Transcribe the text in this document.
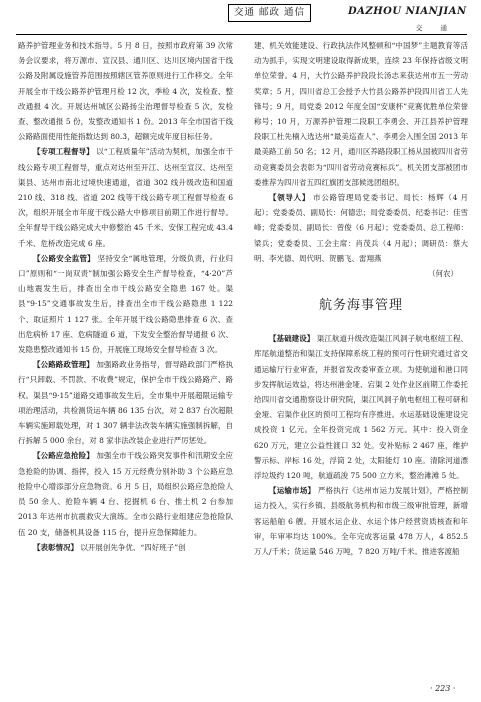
交通 邮政 通信	DAZHOU NIANJIAN
交 通

路养护管理业务和技术指导。5 月 8 日，按照市政府第 39 次常务会议要求，将万源市、宣汉县、通川区、达川区境内国省干线公路及附属设施管养范围按照辖区管养原则进行工作移交。全年开展全市干线公路养护管理月检 12 次，季检 4 次，发检查、整改通报 4 次。开展达州城区公路扬尘治理督导检查 5 次，发检查、整改通报 5 份，发整改通知书 1 份。2013 年全市国省干线公路路面使用性能指数达到 80.3，超额完成年度目标任务。

【专项工程督导】 以“工程质量年”活动为契机，加强全市干线公路专项工程督导，重点对达州至开江、达州至宣汉、达州至渠县、达州市南北过境快速通道，省道 302 线升级改造和国道 210 线、318 线、省道 202 线等干线公路专项工程督导检查 6 次，组织开展全市年度干线公路大中修项目前期工作进行督导。全年督导干线公路完成大中修整治 45 千米、安保工程完成 43.4 千米、危桥改造完成 6 座。

【公路安全监管】 坚持安全“属地管理，分级负责，行业归口”原则和“一岗双责”制加强公路安全生产督导检查，“4·20”芦山地震发生后，排查出全市干线公路安全隐患 167 处。渠县“9·15”交通事故发生后，排查出全市干线公路隐患 1 122 个、取证照片 1 127 张。全年开展干线公路隐患排查 6 次、查出危病桥 17 座、危病隧道 6 道，下发安全整治督导通报 6 次、发隐患整改通知书 15 份，开展施工现场安全督导检查 3 次。

【公路路政管理】 加强路政业务指导，督导路政部门严格执行“只卸载、不罚款、不收费”规定，保护全市干线公路路产、路权。渠县“9·15”道路交通事故发生后，全市集中开展超限运输专项治理活动，共检测货运车辆 86 135 台次，对 2 837 台次超限车辆实施卸载处理，对 1 307 辆非法改装车辆实施强制拆解，自行拆解 5 000 余台，对 8 家非法改装企业进行严厉惩处。

【公路应急抢险】 加强全市干线公路突发事件和汛期安全应急抢险的协调、指挥，投入 15 万元经费分别补助 3 个公路应急抢险中心增添部分应急物资。6 月 5 日，局组织公路应急抢险人员 50 余人、抢险车辆 4 台、挖掘机 6 台、推土机 2 台参加 2013 年达州市抗震救灾大演练。全市公路行业组建应急抢险队伍 20 支，储备机具设备 115 台，提升应急保障能力。

【表彰情况】 以开展创先争优、“四好班子”创

建、机关效能建设、行政执法作风整顿和“中国梦”主题教育等活动为抓手，实现文明建设取得新成果，连续 23 年保持省级文明单位荣誉。4 月，大竹公路养护段段长汤志来获达州市五一劳动奖章；5 月，四川省总工会授予大竹县公路养护段四川省工人先锋号；9 月，局党委 2012 年度全国“安康杯”竞赛优胜单位荣誉称号；10 月，万源养护管理二段职工李勇会、开江县养护管理段职工杜先楠入选达州“最美巡查人”、李勇会入围全国 2013 年最美路工前 50 名；12 月，通川区养路段职工杨从国被四川省劳动竞赛委员会表彰为“四川省劳动竞赛标兵”。机关团支部被团市委推荐为四川省五四红旗团支部候选团组织。

【领导人】 市公路管理局党委书记、局长：杨辉（4 月起）；党委委员、副局长：何德忠；局党委委员、纪委书记：佳雪峰；党委委员、副局长：曾俊（6 月起）；党委委员、总工程师：梁兵；党委委员、工会主席：肖茂兵（4 月起）；调研员：蔡大明、李光德、周代明、贺鹏飞、雷翔燕

（何农）

航务海事管理

【基础建设】 渠江航道升级改造渠江风洞子航电枢纽工程、库尾航道整治和渠江支持保障系统工程的预可行性研究通过省交通运输厅行业审查，并报省发改委审查立项。为使航道和港口同步发挥航运效益，将达州港金垭、宕渠 2 处作业区前期工作委托给四川省交通勘察设计研究院，渠江风洞子航电枢纽工程可研和金垭、宕渠作业区的预可工程均有序推进。水运基础设施建设完成投资 1 亿元。全年投资完成 1 562 万元。其中：投入资金 620 万元，建立公益性渡口 32 处。安补贴标 2 467 座，维护警示标、岸标 16 处，浮筒 2 处，太阳能灯 10 座。清除河道漂浮垃圾约 120 吨，航道疏浚 75 500 立方米，整治滩滩 5 处。

【运输市场】 严格执行《达州市运力发展计划》，严格控制运力投入，实行乡镇、县级航务机构和市级三级审批管理，新增客运船舶 6 艘。开展水运企业、水运个体户经营资质核查和年审，年审率均达 100%。全年完成客运量 478 万人，4 852.5 万人/千米；货运量 546 万吨，7 820 万吨/千米。推进客渡船

· 223 ·
